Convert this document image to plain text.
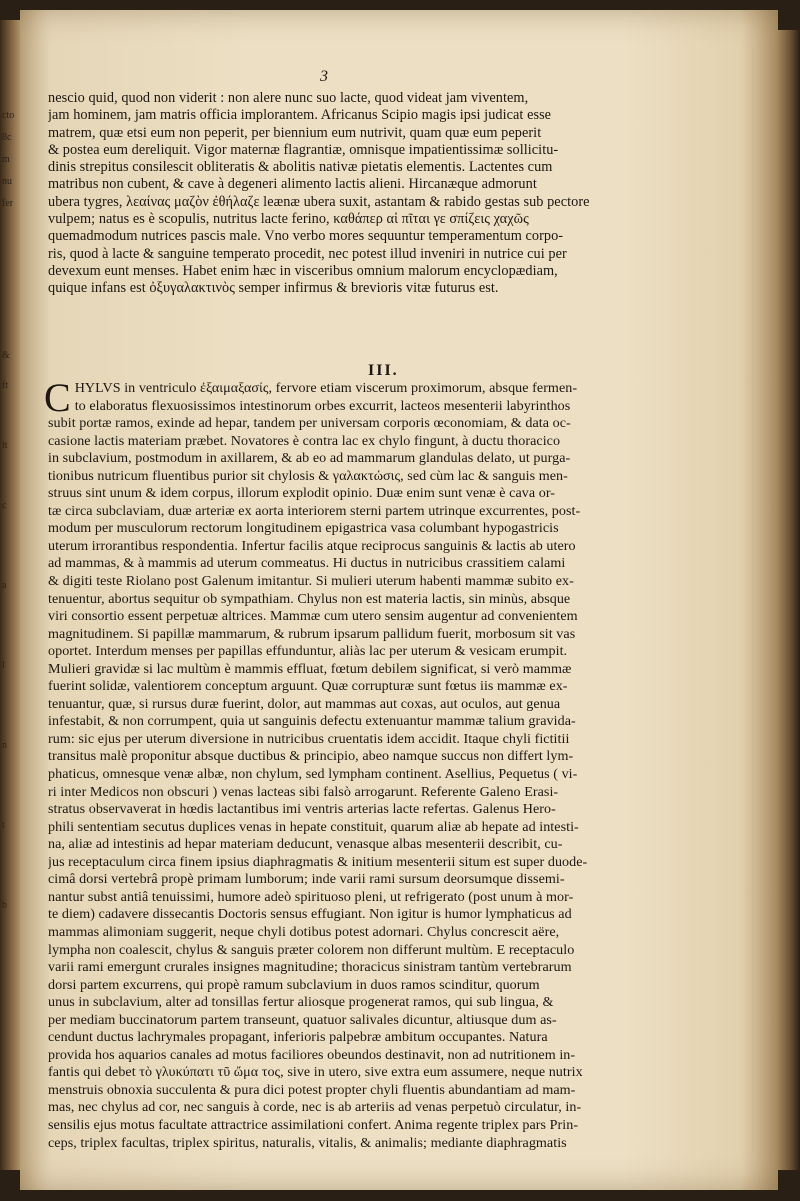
cto
8c
m
nu
fer
&
ft
it
c
a
l
n
t
b
3
nescio quid, quod non viderit : non alere nunc suo lacte, quod videat jam viventem,
jam hominem, jam matris officia implorantem. Africanus Scipio magis ipsi judicat esse
matrem, quæ etsi eum non peperit, per biennium eum nutrivit, quam quæ eum peperit
& postea eum dereliquit. Vigor maternæ flagrantiæ, omnisque impatientissimæ sollicitu-
dinis strepitus consilescit obliteratis & abolitis nativæ pietatis elementis. Lactentes cum
matribus non cubent, & cave à degeneri alimento lactis alieni. Hircanæque admorunt
ubera tygres, λεαίνας μαζὸν ἐθήλαζε leænæ ubera suxit, astantam & rabido gestas sub pectore
vulpem; natus es è scopulis, nutritus lacte ferino, καθάπερ αἱ πῖται γε σπίζεις χαχῶς
quemadmodum nutrices pascis male. Vno verbo mores sequuntur temperamentum corpo-
ris, quod à lacte & sanguine temperato procedit, nec potest illud inveniri in nutrice cui per
devexum eunt menses. Habet enim hæc in visceribus omnium malorum encyclopædiam,
quique infans est ὀξυγαλακτινὸς semper infirmus & brevioris vitæ futurus est.
III.
C HYLVS in ventriculo ἐξαιμαξασίς, fervore etiam viscerum proximorum, absque fermen-
to elaboratus flexuosissimos intestinorum orbes excurrit, lacteos mesenterii labyrinthos
subit portæ ramos, exinde ad hepar, tandem per universam corporis œconomiam, & data oc-
casione lactis materiam præbet. Novatores è contra lac ex chylo fingunt, à ductu thoracico
in subclavium, postmodum in axillarem, & ab eo ad mammarum glandulas delato, ut purga-
tionibus nutricum fluentibus purior sit chylosis & γαλακτώσις, sed cùm lac & sanguis men-
struus sint unum & idem corpus, illorum explodit opinio. Duæ enim sunt venæ è cava or-
tæ circa subclaviam, duæ arteriæ ex aorta interiorem sterni partem utrinque excurrentes, post-
modum per musculorum rectorum longitudinem epigastrica vasa columbant hypogastricis
uterum irrorantibus respondentia. Infertur facilis atque reciprocus sanguinis & lactis ab utero
ad mammas, & à mammis ad uterum commeatus. Hi ductus in nutricibus crassitiem calami
& digiti teste Riolano post Galenum imitantur. Si mulieri uterum habenti mammæ subito ex-
tenuentur, abortus sequitur ob sympathiam. Chylus non est materia lactis, sin minùs, absque
viri consortio essent perpetuæ altrices. Mammæ cum utero sensim augentur ad convenientem
magnitudinem. Si papillæ mammarum, & rubrum ipsarum pallidum fuerit, morbosum sit vas
oportet. Interdum menses per papillas effunduntur, aliàs lac per uterum & vesicam erumpit.
Mulieri gravidæ si lac multùm è mammis effluat, fœtum debilem significat, si verò mammæ
fuerint solidæ, valentiorem conceptum arguunt. Quæ corrupturæ sunt fœtus iis mammæ ex-
tenuantur, quæ, si rursus duræ fuerint, dolor, aut mammas aut coxas, aut oculos, aut genua
infestabit, & non corrumpent, quia ut sanguinis defectu extenuantur mammæ talium gravida-
rum: sic ejus per uterum diversione in nutricibus cruentatis idem accidit. Itaque chyli fictitii
transitus malè proponitur absque ductibus & principio, abeo namque succus non differt lym-
phaticus, omnesque venæ albæ, non chylum, sed lympham continent. Asellius, Pequetus ( vi-
ri inter Medicos non obscuri ) venas lacteas sibi falsò arrogarunt. Referente Galeno Erasi-
stratus observaverat in hœdis lactantibus imi ventris arterias lacte refertas. Galenus Hero-
phili sententiam secutus duplices venas in hepate constituit, quarum aliæ ab hepate ad intesti-
na, aliæ ad intestinis ad hepar materiam deducunt, venasque albas mesenterii describit, cu-
jus receptaculum circa finem ipsius diaphragmatis & initium mesenterii situm est super duode-
cimâ dorsi vertebrâ propè primam lumborum; inde varii rami sursum deorsumque dissemi-
nantur subst antiâ tenuissimi, humore adeò spirituoso pleni, ut refrigerato (post unum à mor-
te diem) cadavere dissecantis Doctoris sensus effugiant. Non igitur is humor lymphaticus ad
mammas alimoniam suggerit, neque chyli dotibus potest adornari. Chylus concrescit aëre,
lympha non coalescit, chylus & sanguis præter colorem non differunt multùm. E receptaculo
varii rami emergunt crurales insignes magnitudine; thoracicus sinistram tantùm vertebrarum
dorsi partem excurrens, qui propè ramum subclavium in duos ramos scinditur, quorum
unus in subclavium, alter ad tonsillas fertur aliosque progenerat ramos, qui sub lingua, &
per mediam buccinatorum partem transeunt, quatuor salivales dicuntur, altiusque dum as-
cendunt ductus lachrymales propagant, inferioris palpebræ ambitum occupantes. Natura
provida hos aquarios canales ad motus faciliores obeundos destinavit, non ad nutritionem in-
fantis qui debet τὸ γλυκύπατι τῦ ὤμα τος, sive in utero, sive extra eum assumere, neque nutrix
menstruis obnoxia succulenta & pura dici potest propter chyli fluentis abundantiam ad mam-
mas, nec chylus ad cor, nec sanguis à corde, nec is ab arteriis ad venas perpetuò circulatur, in-
sensilis ejus motus facultate attractrice assimilationi confert. Anima regente triplex pars Prin-
ceps, triplex facultas, triplex spiritus, naturalis, vitalis, & animalis; mediante diaphragmatis
